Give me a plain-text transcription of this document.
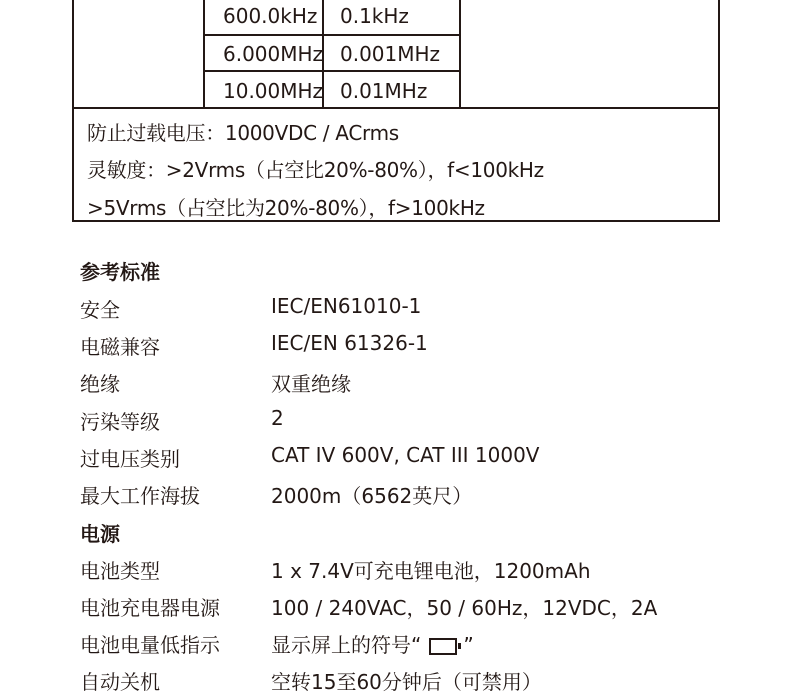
600.0kHz	0.1kHz
6.000MHz 0.001MHz
10.00MHz 0.01MHz
防止过载电压：1000VDC / ACrms
灵敏度：>2Vrms（占空比20%-80%），f<100kHz
>5Vrms（占空比为20%-80%），f>100kHz
参考标准
安全	IEC/EN61010-1
电磁兼容	IEC/EN 61326-1
绝缘	双重绝缘
污染等级	2
过电压类别	CAT IV 600V, CAT III 1000V
最大工作海拔	2000m（6562英尺）
电源
电池类型	1 x 7.4V可充电锂电池，1200mAh
电池充电器电源	100 / 240VAC，50 / 60Hz，12VDC，2A
电池电量低指示	显示屏上的符号“ ”
自动关机	空转15至60分钟后（可禁用）
